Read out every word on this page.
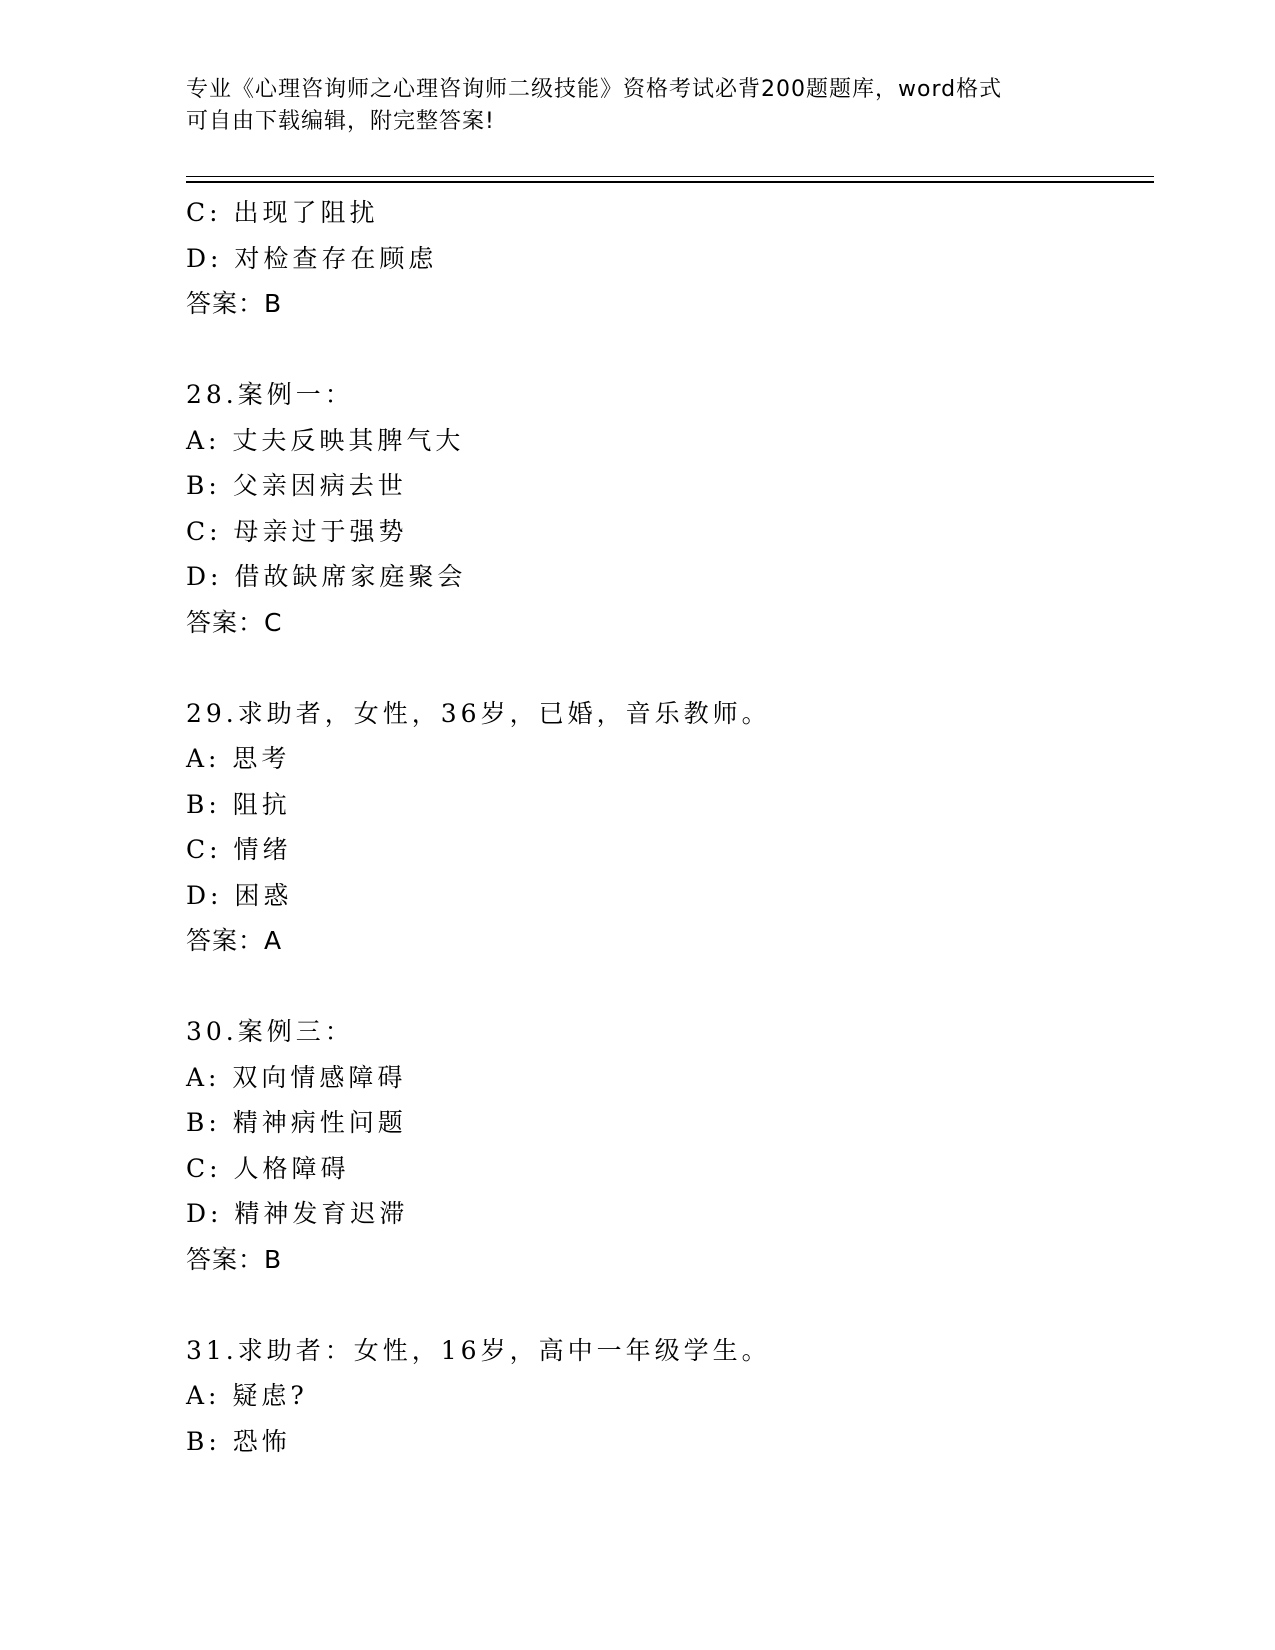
专业《心理咨询师之心理咨询师二级技能》资格考试必背200题题库，word格式
可自由下载编辑，附完整答案!
C: 出现了阻扰
D: 对检查存在顾虑
答案：B
28.案例一：
A: 丈夫反映其脾气大
B: 父亲因病去世
C: 母亲过于强势
D: 借故缺席家庭聚会
答案：C
29.求助者，女性，36岁，已婚，音乐教师。
A: 思考
B: 阻抗
C: 情绪
D: 困惑
答案：A
30.案例三：
A: 双向情感障碍
B: 精神病性问题
C: 人格障碍
D: 精神发育迟滞
答案：B
31.求助者：女性，16岁，高中一年级学生。
A: 疑虑?
B: 恐怖
